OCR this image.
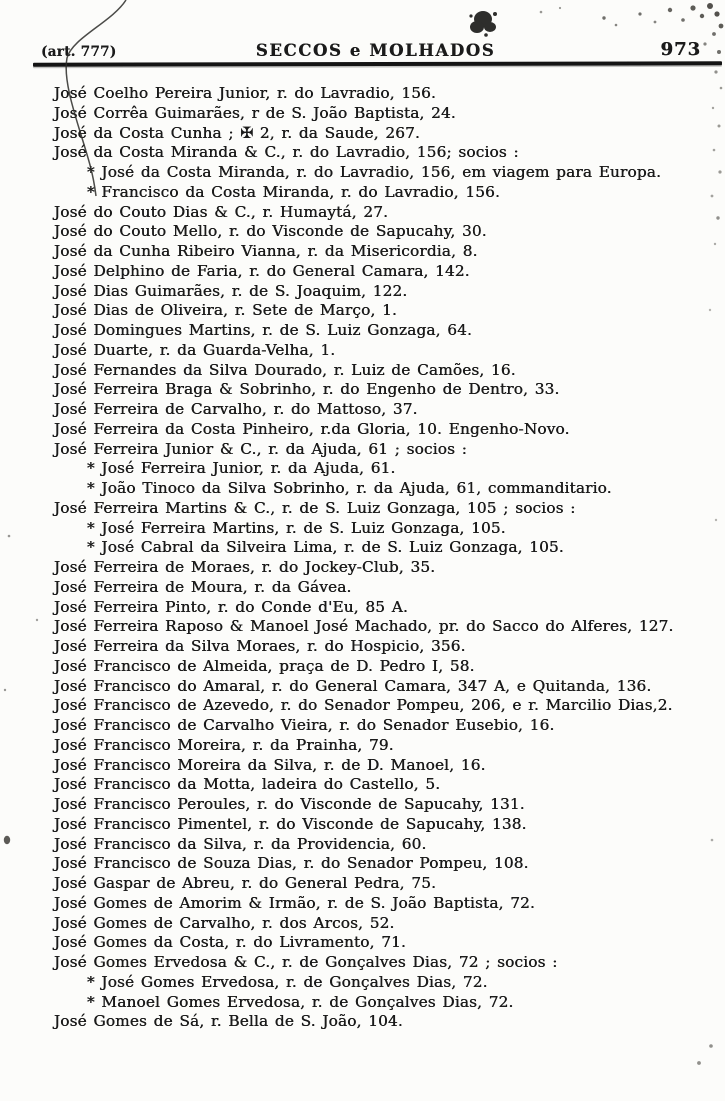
(art. 777)	SECCOS e MOLHADOS	973
José Coelho Pereira Junior, r. do Lavradio, 156.
José Corrêa Guimarães, r de S. João Baptista, 24.
José da Costa Cunha ; ✠ 2, r. da Saude, 267.
José da Costa Miranda & C., r. do Lavradio, 156; socios :
* José da Costa Miranda, r. do Lavradio, 156, em viagem para Europa.
* Francisco da Costa Miranda, r. do Lavradio, 156.
José do Couto Dias & C., r. Humaytá, 27.
José do Couto Mello, r. do Visconde de Sapucahy, 30.
José da Cunha Ribeiro Vianna, r. da Misericordia, 8.
José Delphino de Faria, r. do General Camara, 142.
José Dias Guimarães, r. de S. Joaquim, 122.
José Dias de Oliveira, r. Sete de Março, 1.
José Domingues Martins, r. de S. Luiz Gonzaga, 64.
José Duarte, r. da Guarda-Velha, 1.
José Fernandes da Silva Dourado, r. Luiz de Camões, 16.
José Ferreira Braga & Sobrinho, r. do Engenho de Dentro, 33.
José Ferreira de Carvalho, r. do Mattoso, 37.
José Ferreira da Costa Pinheiro, r.da Gloria, 10. Engenho-Novo.
José Ferreira Junior & C., r. da Ajuda, 61 ; socios :
* José Ferreira Junior, r. da Ajuda, 61.
* João Tinoco da Silva Sobrinho, r. da Ajuda, 61, commanditario.
José Ferreira Martins & C., r. de S. Luiz Gonzaga, 105 ; socios :
* José Ferreira Martins, r. de S. Luiz Gonzaga, 105.
* José Cabral da Silveira Lima, r. de S. Luiz Gonzaga, 105.
José Ferreira de Moraes, r. do Jockey-Club, 35.
José Ferreira de Moura, r. da Gávea.
José Ferreira Pinto, r. do Conde d'Eu, 85 A.
José Ferreira Raposo & Manoel José Machado, pr. do Sacco do Alferes, 127.
José Ferreira da Silva Moraes, r. do Hospicio, 356.
José Francisco de Almeida, praça de D. Pedro I, 58.
José Francisco do Amaral, r. do General Camara, 347 A, e Quitanda, 136.
José Francisco de Azevedo, r. do Senador Pompeu, 206, e r. Marcilio Dias,2.
José Francisco de Carvalho Vieira, r. do Senador Eusebio, 16.
José Francisco Moreira, r. da Prainha, 79.
José Francisco Moreira da Silva, r. de D. Manoel, 16.
José Francisco da Motta, ladeira do Castello, 5.
José Francisco Peroules, r. do Visconde de Sapucahy, 131.
José Francisco Pimentel, r. do Visconde de Sapucahy, 138.
José Francisco da Silva, r. da Providencia, 60.
José Francisco de Souza Dias, r. do Senador Pompeu, 108.
José Gaspar de Abreu, r. do General Pedra, 75.
José Gomes de Amorim & Irmão, r. de S. João Baptista, 72.
José Gomes de Carvalho, r. dos Arcos, 52.
José Gomes da Costa, r. do Livramento, 71.
José Gomes Ervedosa & C., r. de Gonçalves Dias, 72 ; socios :
* José Gomes Ervedosa, r. de Gonçalves Dias, 72.
* Manoel Gomes Ervedosa, r. de Gonçalves Dias, 72.
José Gomes de Sá, r. Bella de S. João, 104.
